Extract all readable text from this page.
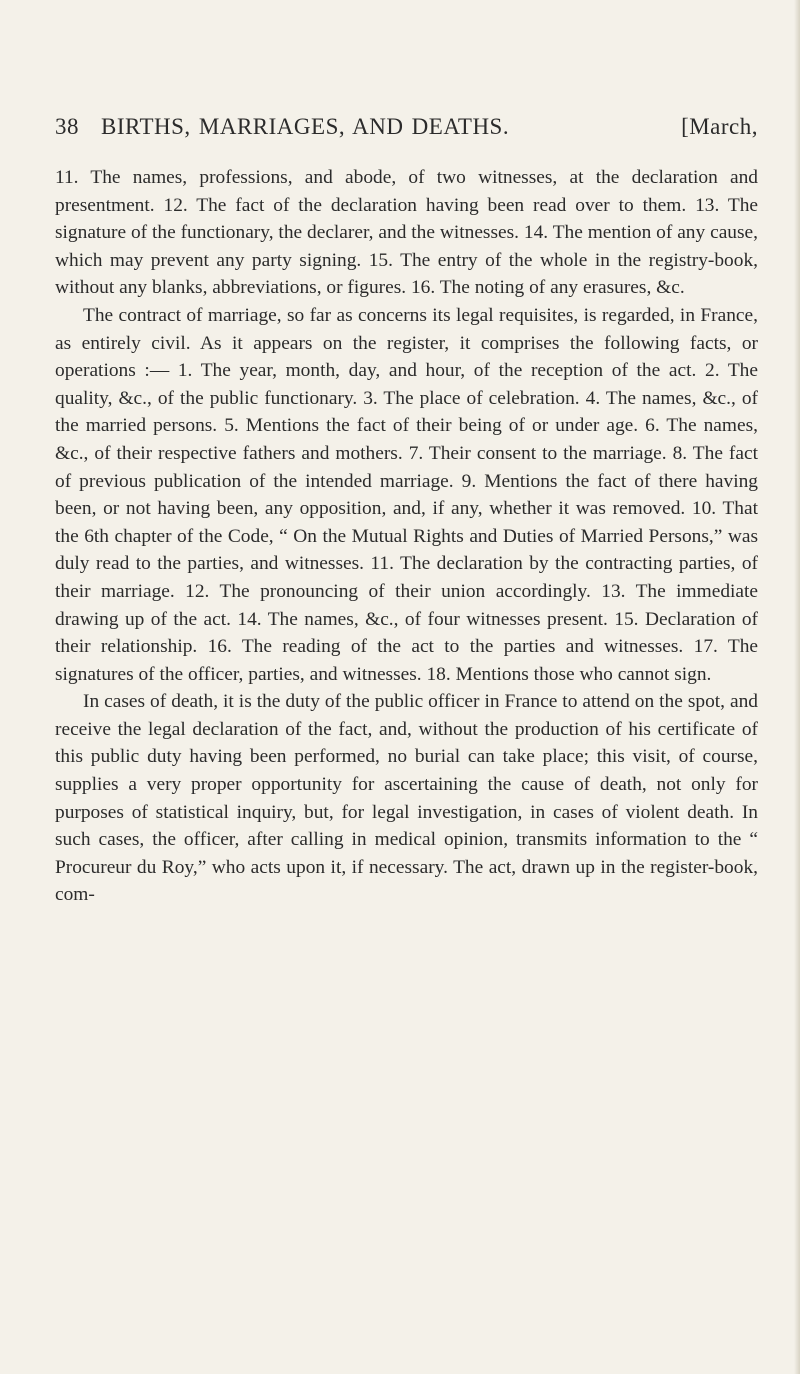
38 BIRTHS, MARRIAGES, AND DEATHS.	[March,

11. The names, professions, and abode, of two witnesses, at the declaration and presentment. 12. The fact of the declaration having been read over to them. 13. The signature of the functionary, the declarer, and the witnesses. 14. The mention of any cause, which may prevent any party signing. 15. The entry of the whole in the registry-book, without any blanks, abbreviations, or figures. 16. The noting of any erasures, &c.

The contract of marriage, so far as concerns its legal requisites, is regarded, in France, as entirely civil. As it appears on the register, it comprises the following facts, or operations :— 1. The year, month, day, and hour, of the reception of the act. 2. The quality, &c., of the public functionary. 3. The place of celebration. 4. The names, &c., of the married persons. 5. Mentions the fact of their being of or under age. 6. The names, &c., of their respective fathers and mothers. 7. Their consent to the marriage. 8. The fact of previous publication of the intended marriage. 9. Mentions the fact of there having been, or not having been, any opposition, and, if any, whether it was removed. 10. That the 6th chapter of the Code, “ On the Mutual Rights and Duties of Married Persons,” was duly read to the parties, and witnesses. 11. The declaration by the contracting parties, of their marriage. 12. The pronouncing of their union accordingly. 13. The immediate drawing up of the act. 14. The names, &c., of four witnesses present. 15. Declaration of their relationship. 16. The reading of the act to the parties and witnesses. 17. The signatures of the officer, parties, and witnesses. 18. Mentions those who cannot sign.

In cases of death, it is the duty of the public officer in France to attend on the spot, and receive the legal declaration of the fact, and, without the production of his certificate of this public duty having been performed, no burial can take place; this visit, of course, supplies a very proper opportunity for ascertaining the cause of death, not only for purposes of statistical inquiry, but, for legal investigation, in cases of violent death. In such cases, the officer, after calling in medical opinion, transmits information to the “ Procureur du Roy,” who acts upon it, if necessary. The act, drawn up in the register-book, com-
